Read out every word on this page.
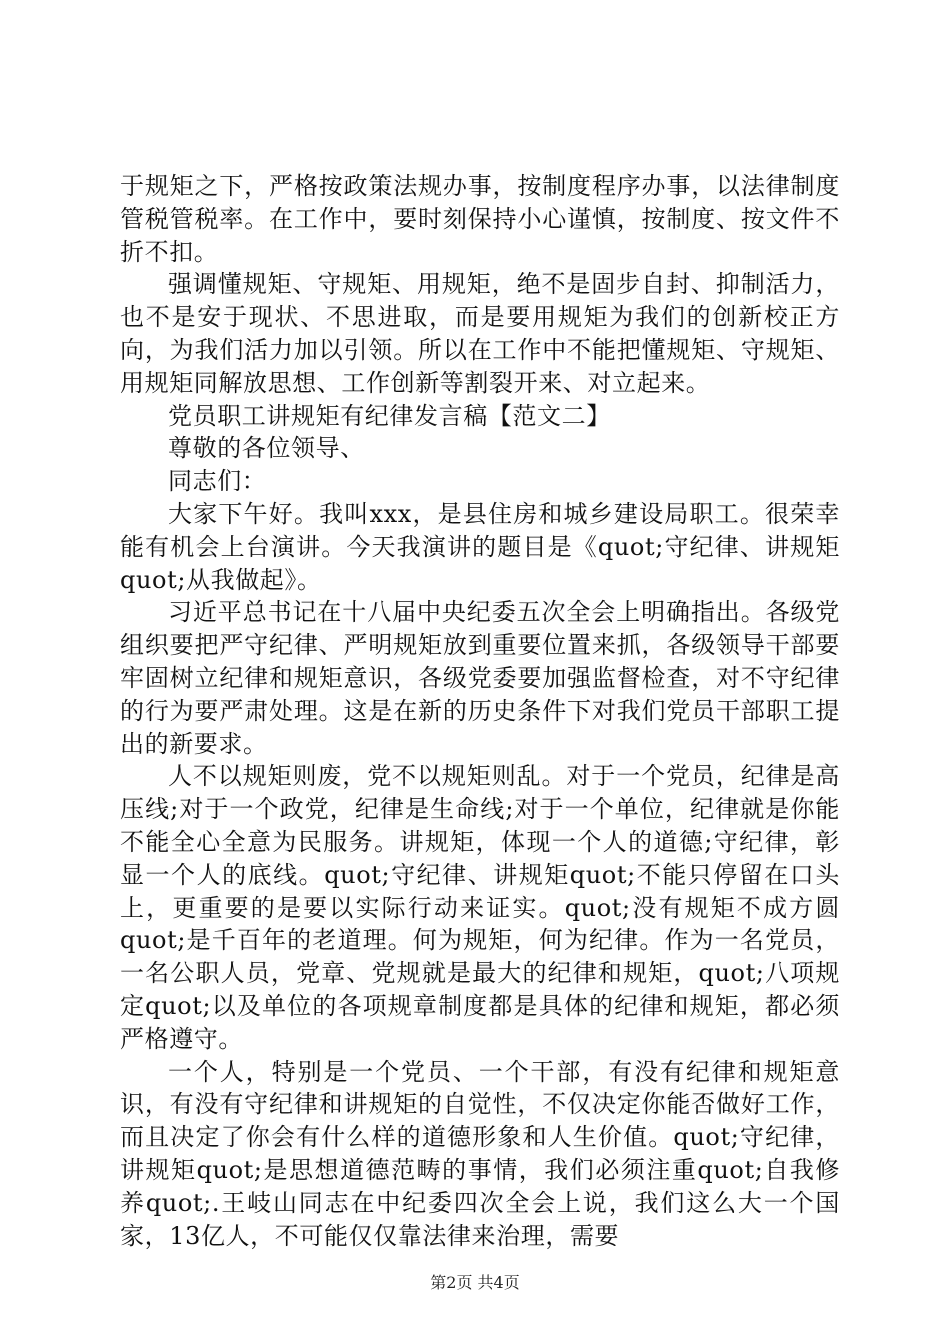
于规矩之下，严格按政策法规办事，按制度程序办事，以法律制度管税管税率。在工作中，要时刻保持小心谨慎，按制度、按文件不折不扣。

强调懂规矩、守规矩、用规矩，绝不是固步自封、抑制活力，也不是安于现状、不思进取，而是要用规矩为我们的创新校正方向，为我们活力加以引领。所以在工作中不能把懂规矩、守规矩、用规矩同解放思想、工作创新等割裂开来、对立起来。

党员职工讲规矩有纪律发言稿【范文二】

尊敬的各位领导、

同志们：

大家下午好。我叫xxx，是县住房和城乡建设局职工。很荣幸能有机会上台演讲。今天我演讲的题目是《quot;守纪律、讲规矩quot;从我做起》。

习近平总书记在十八届中央纪委五次全会上明确指出。各级党组织要把严守纪律、严明规矩放到重要位置来抓，各级领导干部要牢固树立纪律和规矩意识，各级党委要加强监督检查，对不守纪律的行为要严肃处理。这是在新的历史条件下对我们党员干部职工提出的新要求。

人不以规矩则废，党不以规矩则乱。对于一个党员，纪律是高压线;对于一个政党，纪律是生命线;对于一个单位，纪律就是你能不能全心全意为民服务。讲规矩，体现一个人的道德;守纪律，彰显一个人的底线。quot;守纪律、讲规矩quot;不能只停留在口头上，更重要的是要以实际行动来证实。quot;没有规矩不成方圆quot;是千百年的老道理。何为规矩，何为纪律。作为一名党员，一名公职人员，党章、党规就是最大的纪律和规矩，quot;八项规定quot;以及单位的各项规章制度都是具体的纪律和规矩，都必须严格遵守。

一个人，特别是一个党员、一个干部，有没有纪律和规矩意识，有没有守纪律和讲规矩的自觉性，不仅决定你能否做好工作，而且决定了你会有什么样的道德形象和人生价值。quot;守纪律，讲规矩quot;是思想道德范畴的事情，我们必须注重quot;自我修养quot;.王岐山同志在中纪委四次全会上说，我们这么大一个国家，13亿人，不可能仅仅靠法律来治理，需要

第2页 共4页
